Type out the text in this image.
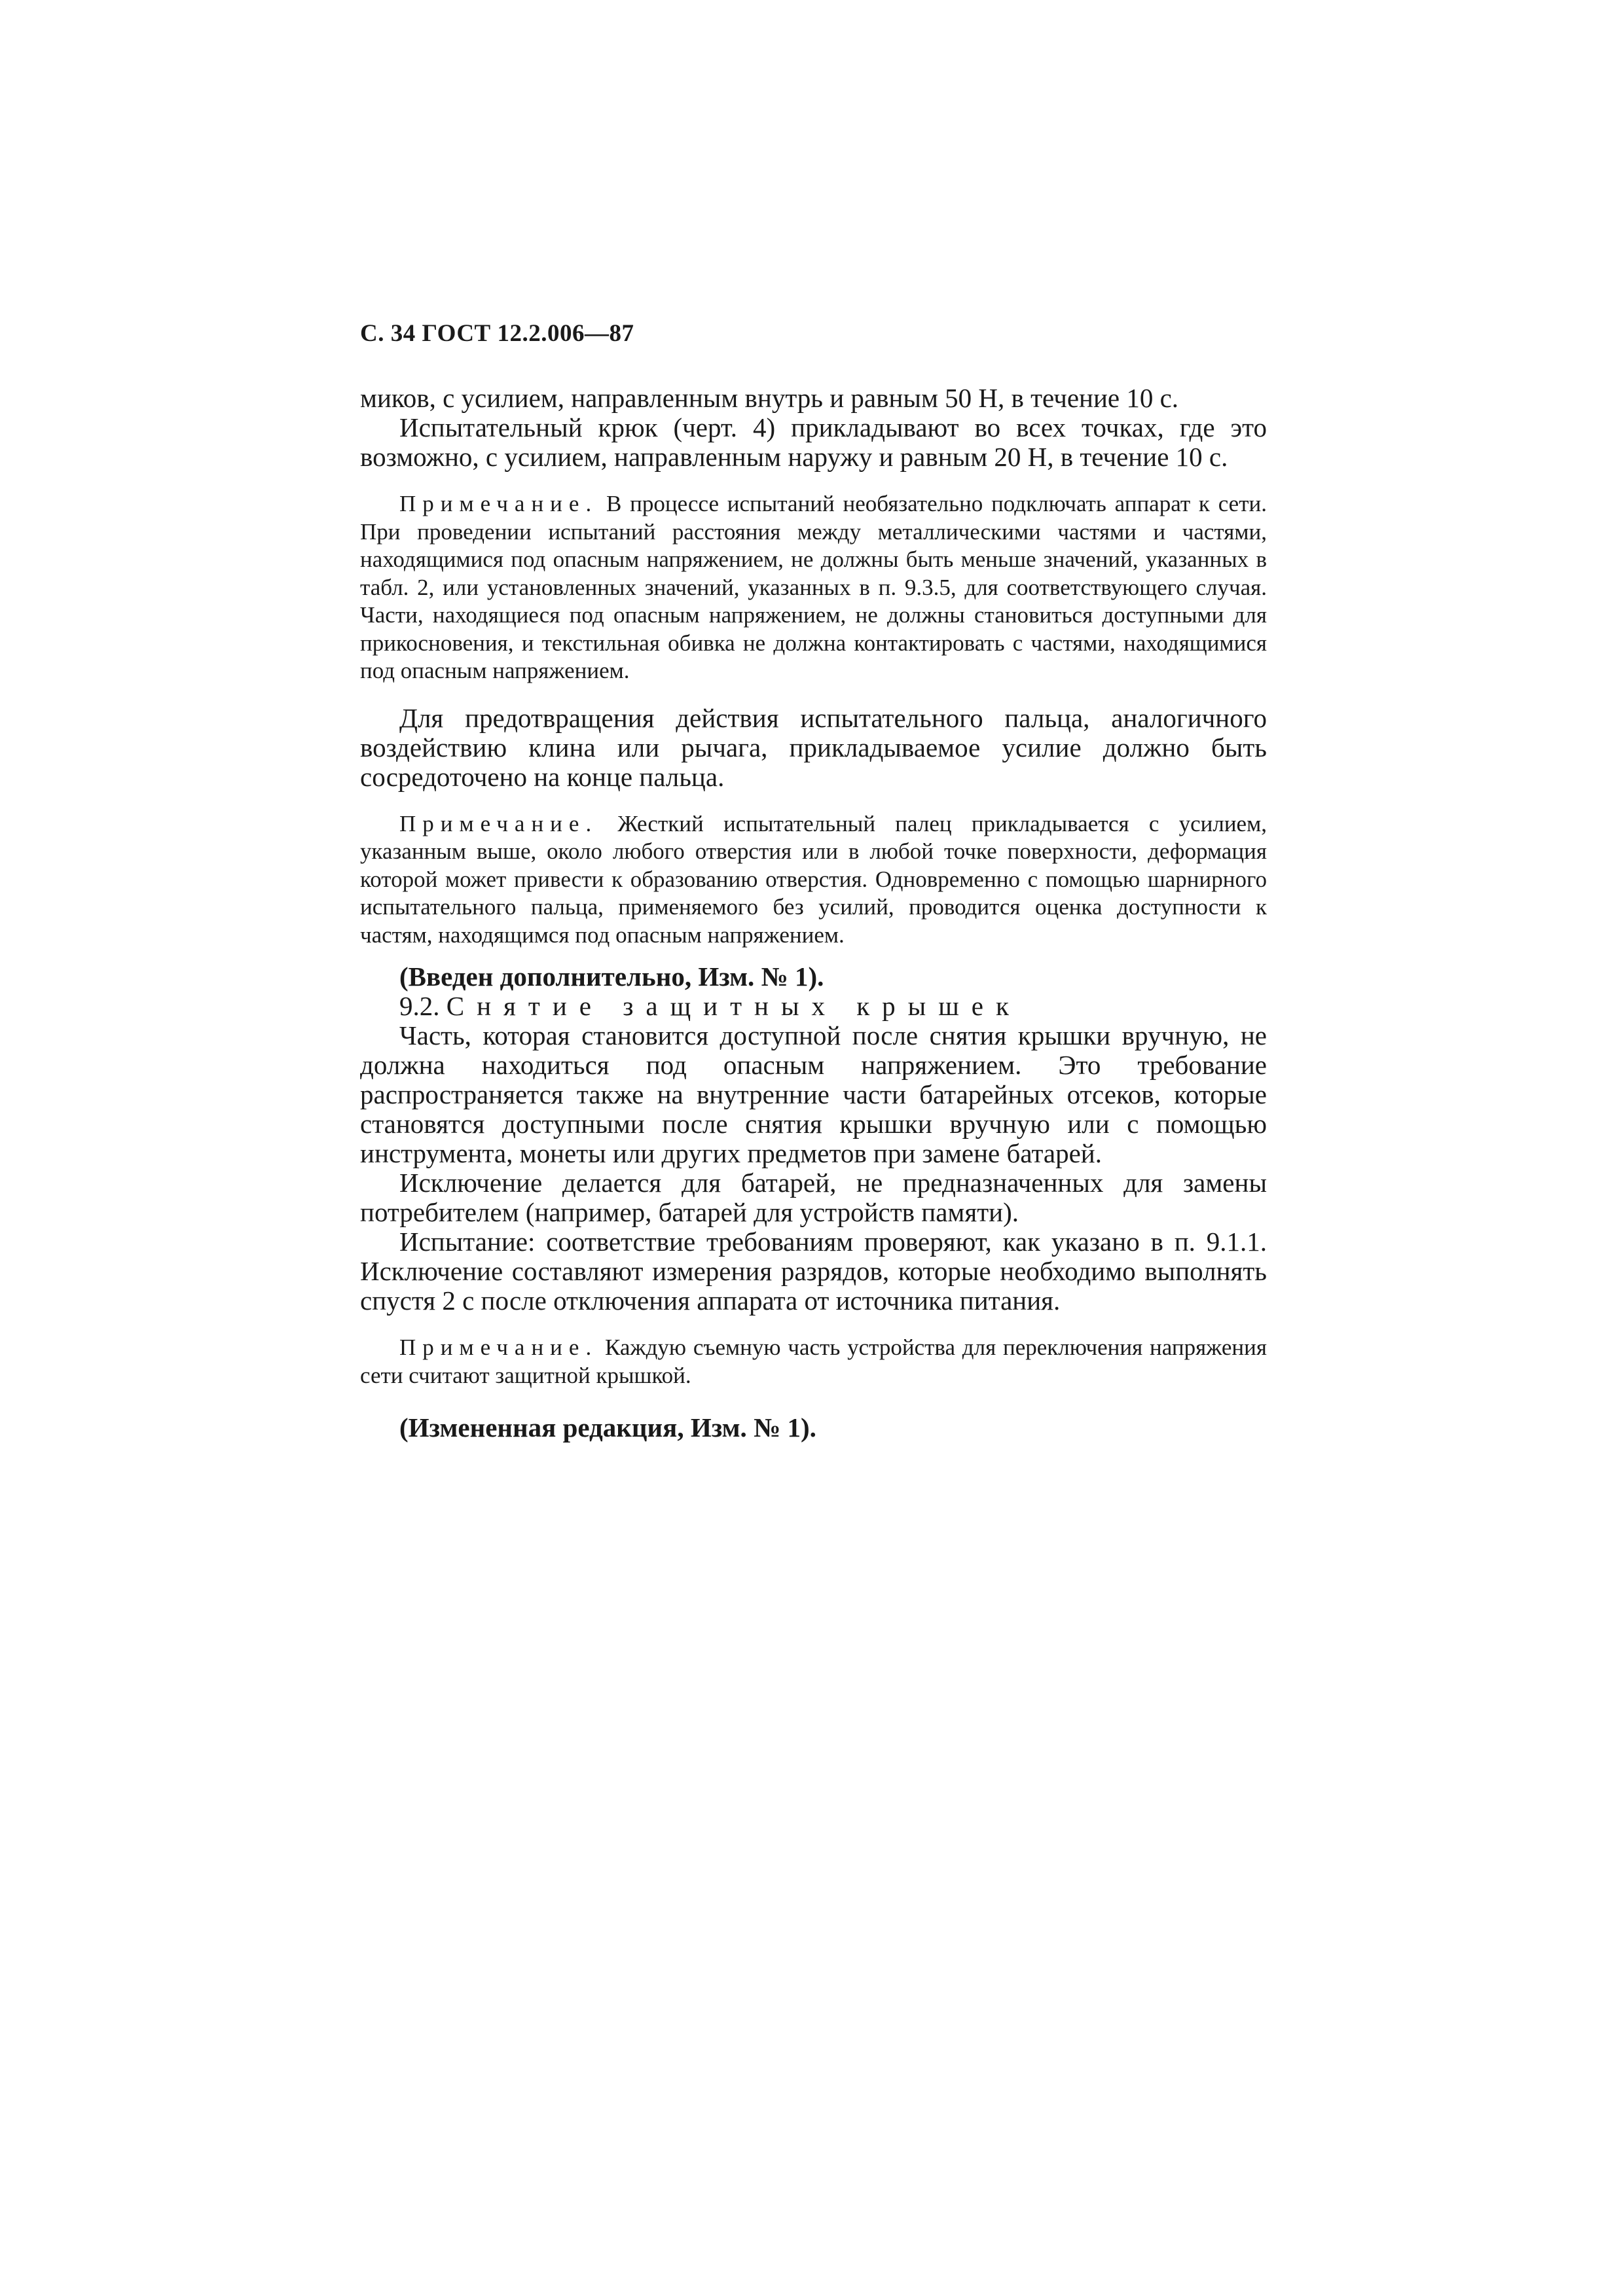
С. 34 ГОСТ 12.2.006—87

миков, с усилием, направленным внутрь и равным 50 Н, в течение 10 с.

Испытательный крюк (черт. 4) прикладывают во всех точках, где это возможно, с усилием, направленным наружу и равным 20 Н, в течение 10 с.

Примечание. В процессе испытаний необязательно подключать аппарат к сети. При проведении испытаний расстояния между металлическими частями и частями, находящимися под опасным напряжением, не должны быть меньше значений, указанных в табл. 2, или установленных значений, указанных в п. 9.3.5, для соответствующего случая. Части, находящиеся под опасным напряжением, не должны становиться доступными для прикосновения, и текстильная обивка не должна контактировать с частями, находящимися под опасным напряжением.

Для предотвращения действия испытательного пальца, аналогичного воздействию клина или рычага, прикладываемое усилие должно быть сосредоточено на конце пальца.

Примечание. Жесткий испытательный палец прикладывается с усилием, указанным выше, около любого отверстия или в любой точке поверхности, деформация которой может привести к образованию отверстия. Одновременно с помощью шарнирного испытательного пальца, применяемого без усилий, проводится оценка доступности к частям, находящимся под опасным напряжением.

(Введен дополнительно, Изм. № 1).

9.2. Снятие защитных крышек

Часть, которая становится доступной после снятия крышки вручную, не должна находиться под опасным напряжением. Это требование распространяется также на внутренние части батарейных отсеков, которые становятся доступными после снятия крышки вручную или с помощью инструмента, монеты или других предметов при замене батарей.

Исключение делается для батарей, не предназначенных для замены потребителем (например, батарей для устройств памяти).

Испытание: соответствие требованиям проверяют, как указано в п. 9.1.1. Исключение составляют измерения разрядов, которые необходимо выполнять спустя 2 с после отключения аппарата от источника питания.

Примечание. Каждую съемную часть устройства для переключения напряжения сети считают защитной крышкой.

(Измененная редакция, Изм. № 1).
